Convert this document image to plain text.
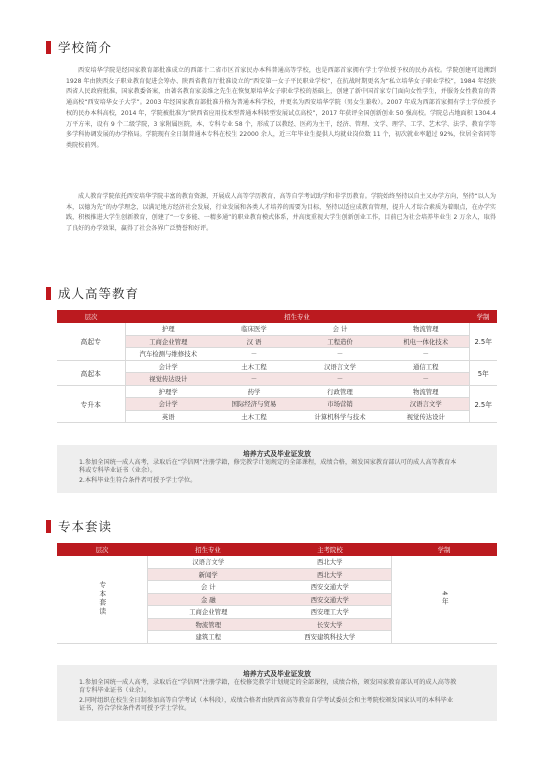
学校简介
西安培华学院是经国家教育部批准成立的西部十二省市区首家民办本科普通高等学校，也是西部首家拥有学士学位授予权的民办高校。学院创建可追溯到 1928 年由陕西女子职业教育促进会筹办、陕西省教育厅批准设立的“西安第一女子平民职业学校”，在抗战时期更名为“私立培华女子职业学校”，1984 年经陕西省人民政府批准，国家教委备案，由著名教育家姜维之先生在恢复原培华女子职业学校的基础上，创建了新中国首家专门面向女性学生，并服务女性教育的普通高校“西安培华女子大学”。2003 年经国家教育部批准升格为普通本科学校，并更名为西安培华学院（男女生兼收）。2007 年成为西部首家拥有学士学位授予权的民办本科高校，2014 年，学院被批准为“陕西省应用技术型普通本科转型发展试点高校”，2017 年获评全国创新创业 50 强高校。学院总占地面积 1304.4 万平方米，设有 9 个二级学院，3 家附属医院，本、专科专业 58 个，形成了以教经、医药为主干，经济、管理、文学、理学、工学、艺术学、法学、教育学等多学科协调发展的办学格局。学院现有全日制普通本专科在校生 22000 余人，近三年毕业生提供人均就业岗位数 11 个，初次就业率超过 92%，位居全省同等类院校前列。
成人教育学院依托西安培华学院丰富的教育资源，开展成人高等学历教育，高等自学考试助学和非学历教育。学院始终坚持以自主又办学方向，坚持“以人为本，以德为先”的办学理念，以满足地方经济社会发展，行业发展和各类人才培养的需要为目标，坚持以适应成教育管理，提升人才综合素质为着眼点，在办学实践，积极推进大学生创新教育，创建了“一专多能、一精多通”的职业教育模式体系，并高度重视大学生创新创业工作，目前已为社会培养毕业生 2 万余人，取得了良好的办学效果，赢得了社会各界广泛赞誉和好评。
成人高等教育
层次	招生专业				学制
高起专	护理	临床医学	会 计	物流管理	2.5年
	工商企业管理	汉 语	工程造价	机电一体化技术	
	汽车检测与维修技术	－	－	－	
高起本	会计学	土木工程	汉语言文学	通信工程	5年
	视觉传达设计	－	－	－	
专升本	护理学	药学	行政管理	物流管理	2.5年
	会计学	国际经济与贸易	市场营销	汉语言文学	
	英语	土木工程	计算机科学与技术	视觉传达设计	
培养方式及毕业证发放

1.参加全国统一成人高考，录取后在“学信网”注册学籍，修完教学计划规定的全部课程，成绩合格，颁发国家教育部认可的成人高等教育本科或专科毕业证书（业余）。

2.本科毕业生符合条件者可授予学士学位。

专本套读
层次	招生专业	主考院校	学制
专本套读	汉语言文学	西北大学	4年
	新闻学	西北大学	
	会 计	西安交通大学	
	金 融	西安交通大学	
	工商企业管理	西安理工大学	
	物流管理	长安大学	
	建筑工程	西安建筑科技大学	
培养方式及毕业证发放

1.参加全国统一成人高考，录取后在“学信网”注册学籍，在校修完教学计划规定的全部课程，成绩合格，颁发国家教育部认可的成人高等教育专科毕业证书（业余）。

2.同时组织在校生全日制参加高等自学考试（本科段），成绩合格者由陕西省高等教育自学考试委员会和主考院校颁发国家认可的本科毕业证书，符合学位条件者可授予学士学位。
